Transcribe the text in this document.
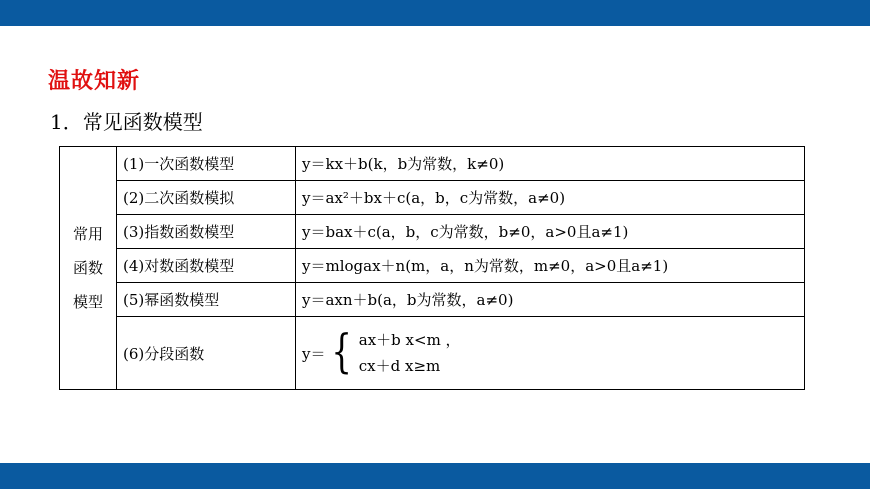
温故知新
1．常见函数模型
常用
函数
模型	(1)一次函数模型	y＝kx＋b(k，b为常数，k≠0)
	(2)二次函数模拟	y＝ax²＋bx＋c(a，b，c为常数，a≠0)
	(3)指数函数模型	y＝bax＋c(a，b，c为常数，b≠0，a>0且a≠1)
	(4)对数函数模型	y＝mlogax＋n(m，a，n为常数，m≠0，a>0且a≠1)
	(5)幂函数模型	y＝axn＋b(a，b为常数，a≠0)
	(6)分段函数	y＝ { ax＋b x<m ，
cx＋d x≥m
